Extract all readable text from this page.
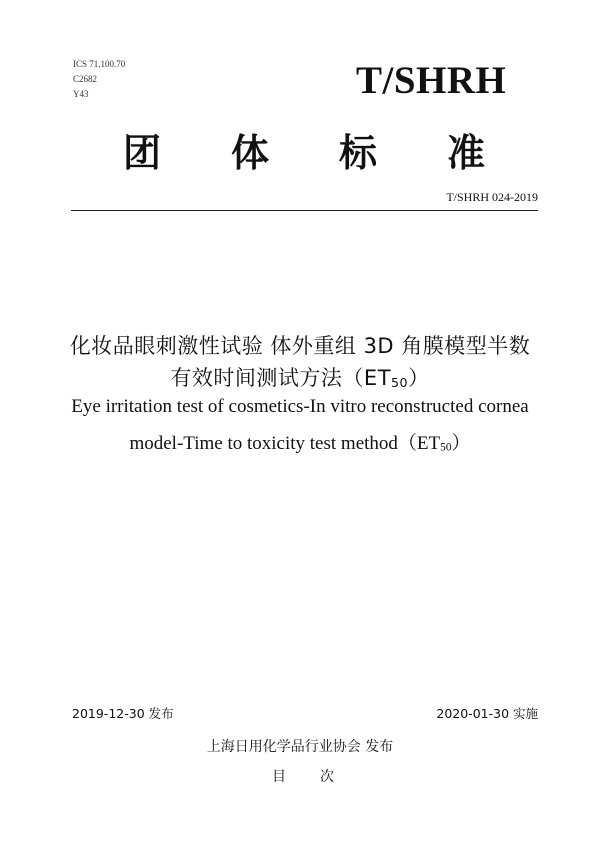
ICS 71.100.70
C2682
Y43	T/SHRH
团 体 标 准
T/SHRH 024-2019
化妆品眼刺激性试验 体外重组 3D 角膜模型半数
有效时间测试方法$(ET_{50})$
Eye irritation test of cosmetics-In vitro reconstructed cornea
model-Time to toxicity test $method(ET_{50})$
2019-12-30 发布	2020-01-30 实施
上海日用化学品行业协会 发布
目 次
